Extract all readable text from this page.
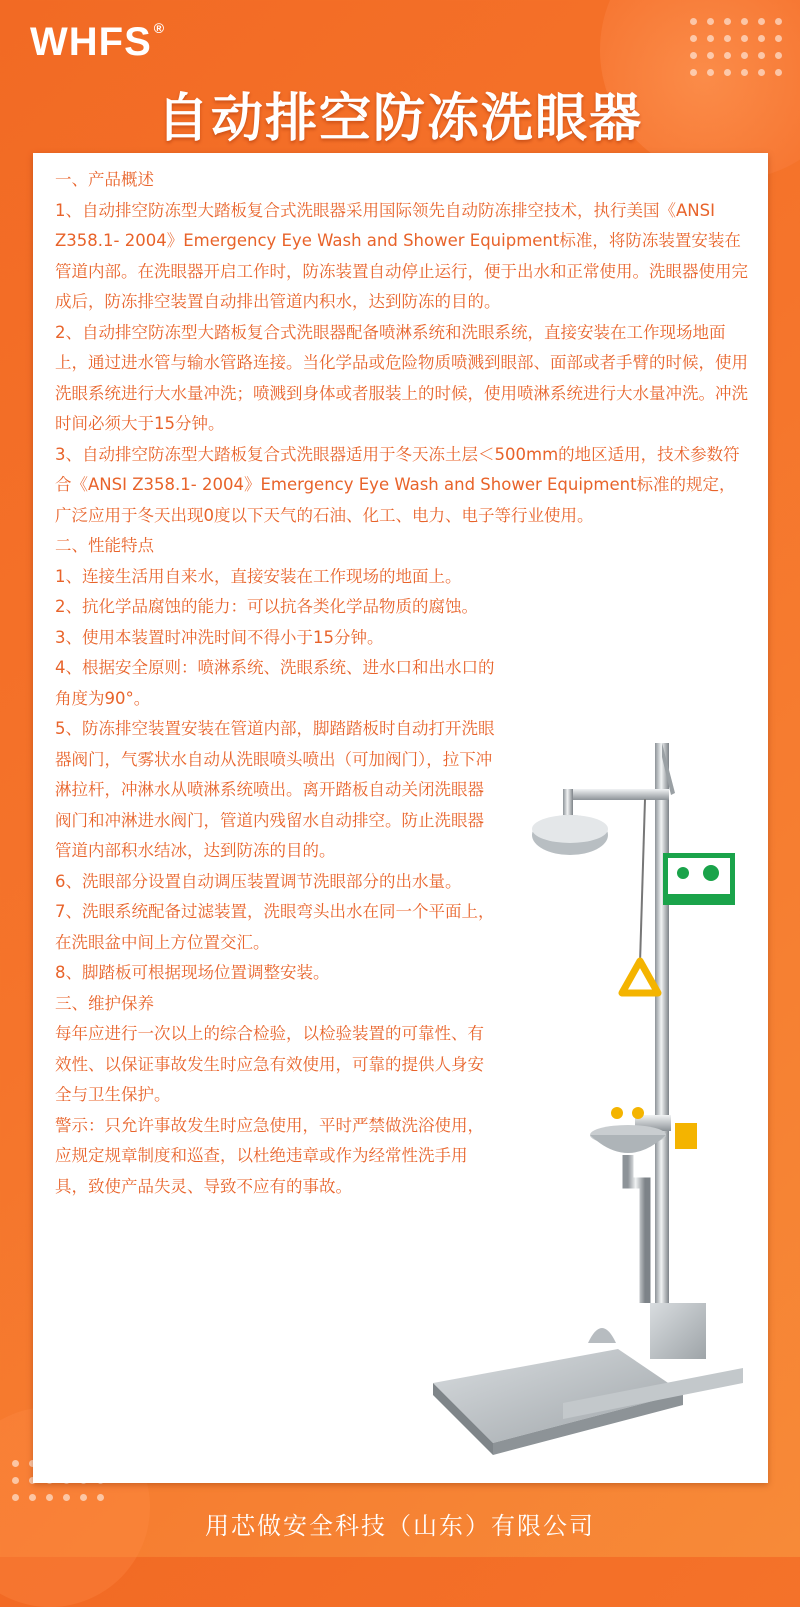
WHFS ®
自动排空防冻洗眼器

一、产品概述

1、自动排空防冻型大踏板复合式洗眼器采用国际领先自动防冻排空技术，执行美国《ANSI Z358.1- 2004》Emergency Eye Wash and Shower Equipment标准，将防冻装置安装在管道内部。在洗眼器开启工作时，防冻装置自动停止运行，便于出水和正常使用。洗眼器使用完成后，防冻排空装置自动排出管道内积水，达到防冻的目的。

2、自动排空防冻型大踏板复合式洗眼器配备喷淋系统和洗眼系统，直接安装在工作现场地面上，通过进水管与输水管路连接。当化学品或危险物质喷溅到眼部、面部或者手臂的时候，使用洗眼系统进行大水量冲洗；喷溅到身体或者服装上的时候，使用喷淋系统进行大水量冲洗。冲洗时间必须大于15分钟。

3、自动排空防冻型大踏板复合式洗眼器适用于冬天冻土层＜500mm的地区适用，技术参数符合《ANSI Z358.1- 2004》Emergency Eye Wash and Shower Equipment标准的规定，广泛应用于冬天出现0度以下天气的石油、化工、电力、电子等行业使用。

二、性能特点

1、连接生活用自来水，直接安装在工作现场的地面上。

2、抗化学品腐蚀的能力：可以抗各类化学品物质的腐蚀。

3、使用本装置时冲洗时间不得小于15分钟。

4、根据安全原则：喷淋系统、洗眼系统、进水口和出水口的角度为90°。

5、防冻排空装置安装在管道内部，脚踏踏板时自动打开洗眼器阀门，气雾状水自动从洗眼喷头喷出（可加阀门），拉下冲淋拉杆，冲淋水从喷淋系统喷出。离开踏板自动关闭洗眼器阀门和冲淋进水阀门，管道内残留水自动排空。防止洗眼器管道内部积水结冰，达到防冻的目的。

6、洗眼部分设置自动调压装置调节洗眼部分的出水量。

7、洗眼系统配备过滤装置，洗眼弯头出水在同一个平面上，在洗眼盆中间上方位置交汇。

8、脚踏板可根据现场位置调整安装。

三、维护保养

每年应进行一次以上的综合检验，以检验装置的可靠性、有效性、以保证事故发生时应急有效使用，可靠的提供人身安全与卫生保护。

警示：只允许事故发生时应急使用，平时严禁做洗浴使用，应规定规章制度和巡查，以杜绝违章或作为经常性洗手用具，致使产品失灵、导致不应有的事故。

用芯做安全科技（山东）有限公司
